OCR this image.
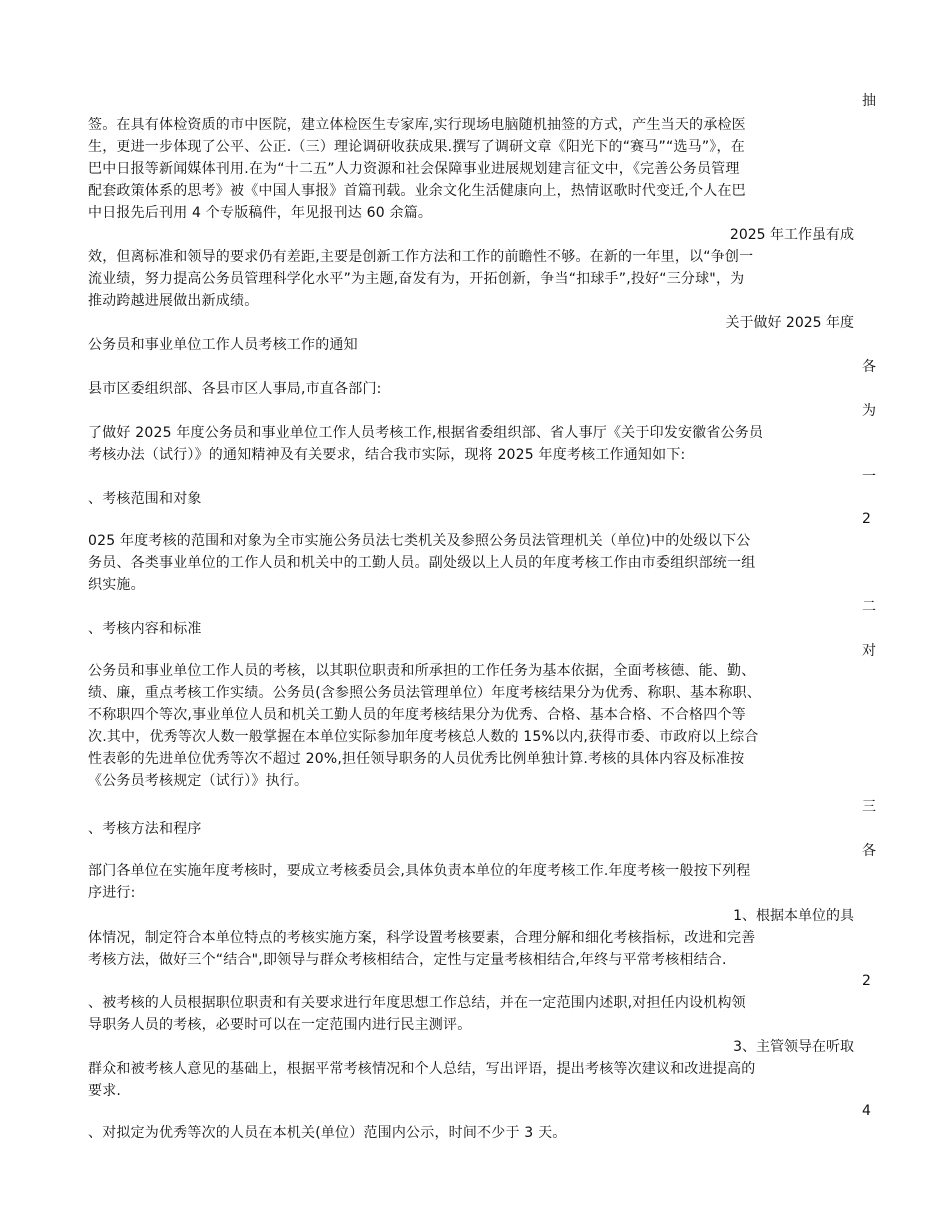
抽
各
为
一
2
二
对
三
各
2
4
2025 年工作虽有成
关于做好 2025 年度
1、根据本单位的具
3、主管领导在听取
签。在具有体检资质的市中医院，建立体检医生专家库,实行现场电脑随机抽签的方式，产生当天的承检医
生，更进一步体现了公平、公正.（三）理论调研收获成果.撰写了调研文章《阳光下的“赛马”“选马”》，在
巴中日报等新闻媒体刊用.在为“十二五”人力资源和社会保障事业进展规划建言征文中，《完善公务员管理
配套政策体系的思考》被《中国人事报》首篇刊载。业余文化生活健康向上，热情讴歌时代变迁,个人在巴
中日报先后刊用 4 个专版稿件，年见报刊达 60 余篇。
效，但离标准和领导的要求仍有差距,主要是创新工作方法和工作的前瞻性不够。在新的一年里，以“争创一
流业绩，努力提高公务员管理科学化水平”为主题,奋发有为，开拓创新，争当“扣球手”,投好“三分球"，为
推动跨越进展做出新成绩。
公务员和事业单位工作人员考核工作的通知
县市区委组织部、各县市区人事局,市直各部门:
了做好 2025 年度公务员和事业单位工作人员考核工作,根据省委组织部、省人事厅《关于印发安徽省公务员
考核办法（试行）》的通知精神及有关要求，结合我市实际，现将 2025 年度考核工作通知如下:
、考核范围和对象
025 年度考核的范围和对象为全市实施公务员法七类机关及参照公务员法管理机关（单位)中的处级以下公
务员、各类事业单位的工作人员和机关中的工勤人员。副处级以上人员的年度考核工作由市委组织部统一组
织实施。
、考核内容和标准
公务员和事业单位工作人员的考核，以其职位职责和所承担的工作任务为基本依据，全面考核德、能、勤、
绩、廉，重点考核工作实绩。公务员(含参照公务员法管理单位）年度考核结果分为优秀、称职、基本称职、
不称职四个等次,事业单位人员和机关工勤人员的年度考核结果分为优秀、合格、基本合格、不合格四个等
次.其中，优秀等次人数一般掌握在本单位实际参加年度考核总人数的 15%以内,获得市委、市政府以上综合
性表彰的先进单位优秀等次不超过 20%,担任领导职务的人员优秀比例单独计算.考核的具体内容及标准按
《公务员考核规定（试行）》执行。
、考核方法和程序
部门各单位在实施年度考核时，要成立考核委员会,具体负责本单位的年度考核工作.年度考核一般按下列程
序进行:
体情况，制定符合本单位特点的考核实施方案，科学设置考核要素，合理分解和细化考核指标，改进和完善
考核方法，做好三个“结合",即领导与群众考核相结合，定性与定量考核相结合,年终与平常考核相结合.
、被考核的人员根据职位职责和有关要求进行年度思想工作总结，并在一定范围内述职,对担任内设机构领
导职务人员的考核，必要时可以在一定范围内进行民主测评。
群众和被考核人意见的基础上，根据平常考核情况和个人总结，写出评语，提出考核等次建议和改进提高的
要求.
、对拟定为优秀等次的人员在本机关(单位）范围内公示，时间不少于 3 天。
